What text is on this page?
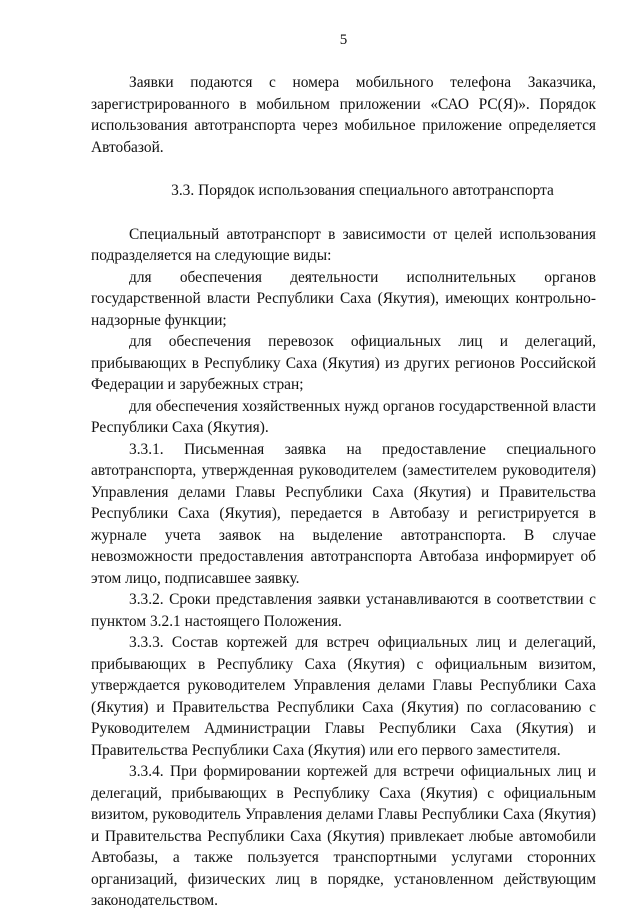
5

Заявки подаются с номера мобильного телефона Заказчика, зарегистрированного в мобильном приложении «САО РС(Я)». Порядок использования автотранспорта через мобильное приложение определяется Автобазой.

3.3. Порядок использования специального автотранспорта

Специальный автотранспорт в зависимости от целей использования подразделяется на следующие виды:

для обеспечения деятельности исполнительных органов государственной власти Республики Саха (Якутия), имеющих контрольно-надзорные функции;

для обеспечения перевозок официальных лиц и делегаций, прибывающих в Республику Саха (Якутия) из других регионов Российской Федерации и зарубежных стран;

для обеспечения хозяйственных нужд органов государственной власти Республики Саха (Якутия).

3.3.1. Письменная заявка на предоставление специального автотранспорта, утвержденная руководителем (заместителем руководителя) Управления делами Главы Республики Саха (Якутия) и Правительства Республики Саха (Якутия), передается в Автобазу и регистрируется в журнале учета заявок на выделение автотранспорта. В случае невозможности предоставления автотранспорта Автобаза информирует об этом лицо, подписавшее заявку.

3.3.2. Сроки представления заявки устанавливаются в соответствии с пунктом 3.2.1 настоящего Положения.

3.3.3. Состав кортежей для встреч официальных лиц и делегаций, прибывающих в Республику Саха (Якутия) с официальным визитом, утверждается руководителем Управления делами Главы Республики Саха (Якутия) и Правительства Республики Саха (Якутия) по согласованию с Руководителем Администрации Главы Республики Саха (Якутия) и Правительства Республики Саха (Якутия) или его первого заместителя.

3.3.4. При формировании кортежей для встречи официальных лиц и делегаций, прибывающих в Республику Саха (Якутия) с официальным визитом, руководитель Управления делами Главы Республики Саха (Якутия) и Правительства Республики Саха (Якутия) привлекает любые автомобили Автобазы, а также пользуется транспортными услугами сторонних организаций, физических лиц в порядке, установленном действующим законодательством.
